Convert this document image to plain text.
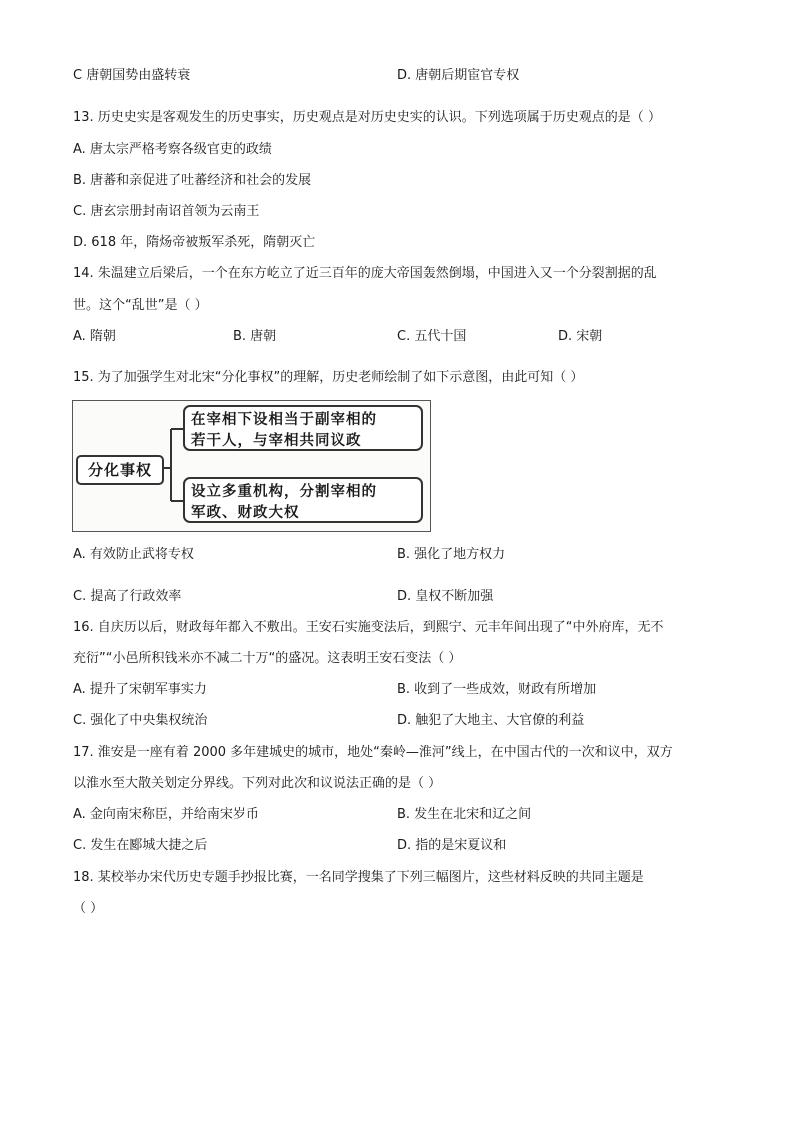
C 唐朝国势由盛转衰	D. 唐朝后期宦官专权
13. 历史史实是客观发生的历史事实，历史观点是对历史史实的认识。下列选项属于历史观点的是（ ）
A. 唐太宗严格考察各级官吏的政绩
B. 唐蕃和亲促进了吐蕃经济和社会的发展
C. 唐玄宗册封南诏首领为云南王
D. 618 年，隋炀帝被叛军杀死，隋朝灭亡
14. 朱温建立后梁后，一个在东方屹立了近三百年的庞大帝国轰然倒塌，中国进入又一个分裂割据的乱
世。这个“乱世”是（ ）
A. 隋朝	B. 唐朝	C. 五代十国	D. 宋朝
15. 为了加强学生对北宋“分化事权”的理解，历史老师绘制了如下示意图，由此可知（ ）
分化事权
在宰相下设相当于副宰相的
若干人，与宰相共同议政
设立多重机构，分割宰相的
军政、财政大权
A. 有效防止武将专权	B. 强化了地方权力
C. 提高了行政效率	D. 皇权不断加强
16. 自庆历以后，财政每年都入不敷出。王安石实施变法后，到熙宁、元丰年间出现了“中外府库，无不
充衍”“小邑所积钱米亦不减二十万“的盛况。这表明王安石变法（ ）
A. 提升了宋朝军事实力	B. 收到了一些成效，财政有所增加
C. 强化了中央集权统治	D. 触犯了大地主、大官僚的利益
17. 淮安是一座有着 2000 多年建城史的城市，地处“秦岭—淮河”线上，在中国古代的一次和议中，双方
以淮水至大散关划定分界线。下列对此次和议说法正确的是（ ）
A. 金向南宋称臣，并给南宋岁币	B. 发生在北宋和辽之间
C. 发生在郾城大捷之后	D. 指的是宋夏议和
18. 某校举办宋代历史专题手抄报比赛，一名同学搜集了下列三幅图片，这些材料反映的共同主题是
（ ）
